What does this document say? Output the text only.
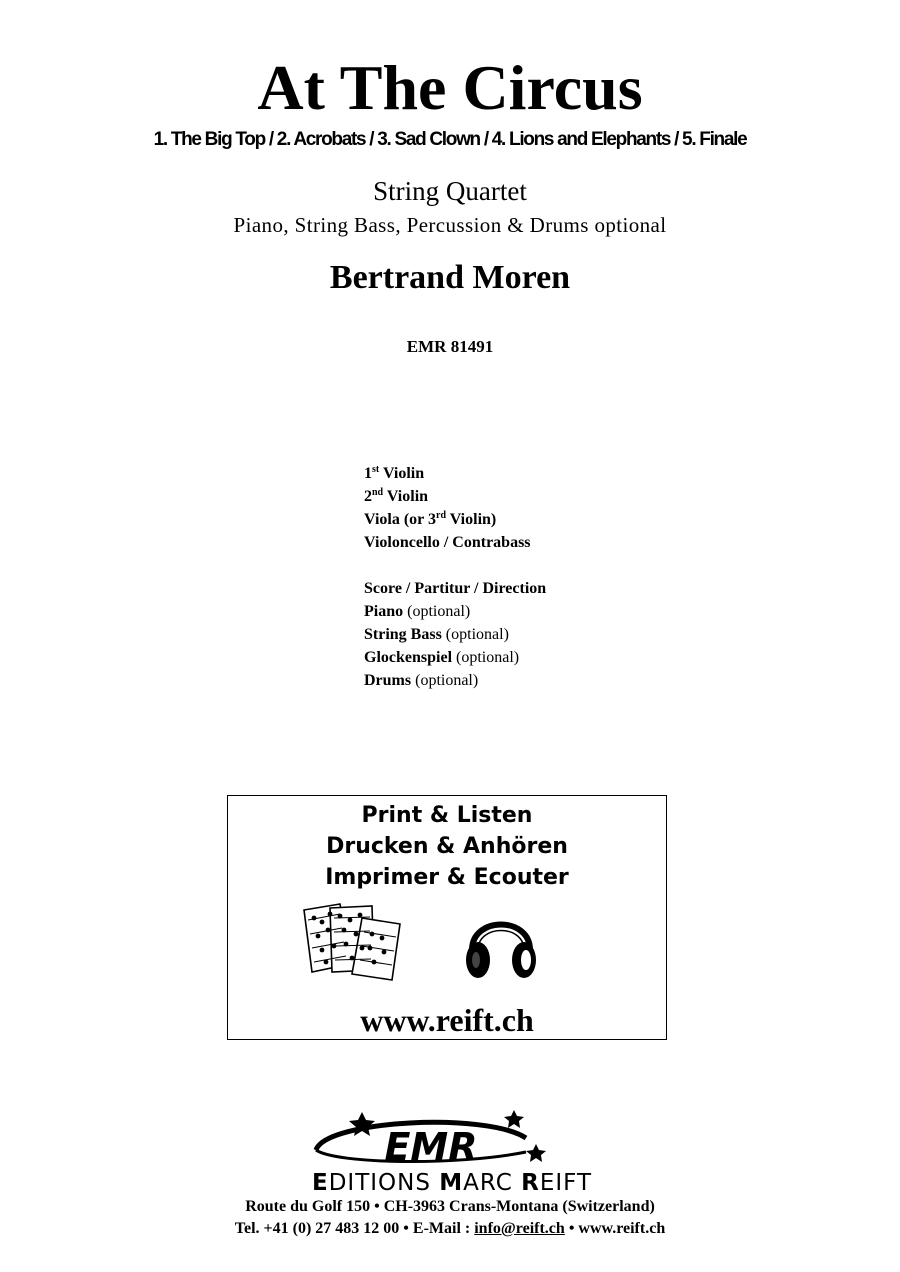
At The Circus
1. The Big Top / 2. Acrobats / 3. Sad Clown / 4. Lions and Elephants / 5. Finale
String Quartet
Piano, String Bass, Percussion & Drums optional
Bertrand Moren
EMR 81491
1st Violin
2nd Violin
Viola (or 3rd Violin)
Violoncello / Contrabass
Score / Partitur / Direction
Piano (optional)
String Bass (optional)
Glockenspiel (optional)
Drums (optional)
Print & Listen
Drucken & Anhören
Imprimer & Ecouter
www.reift.ch
EMR
EDITIONS MARC REIFT
Route du Golf 150 • CH-3963 Crans-Montana (Switzerland)
Tel. +41 (0) 27 483 12 00 • E-Mail : info@reift.ch • www.reift.ch
